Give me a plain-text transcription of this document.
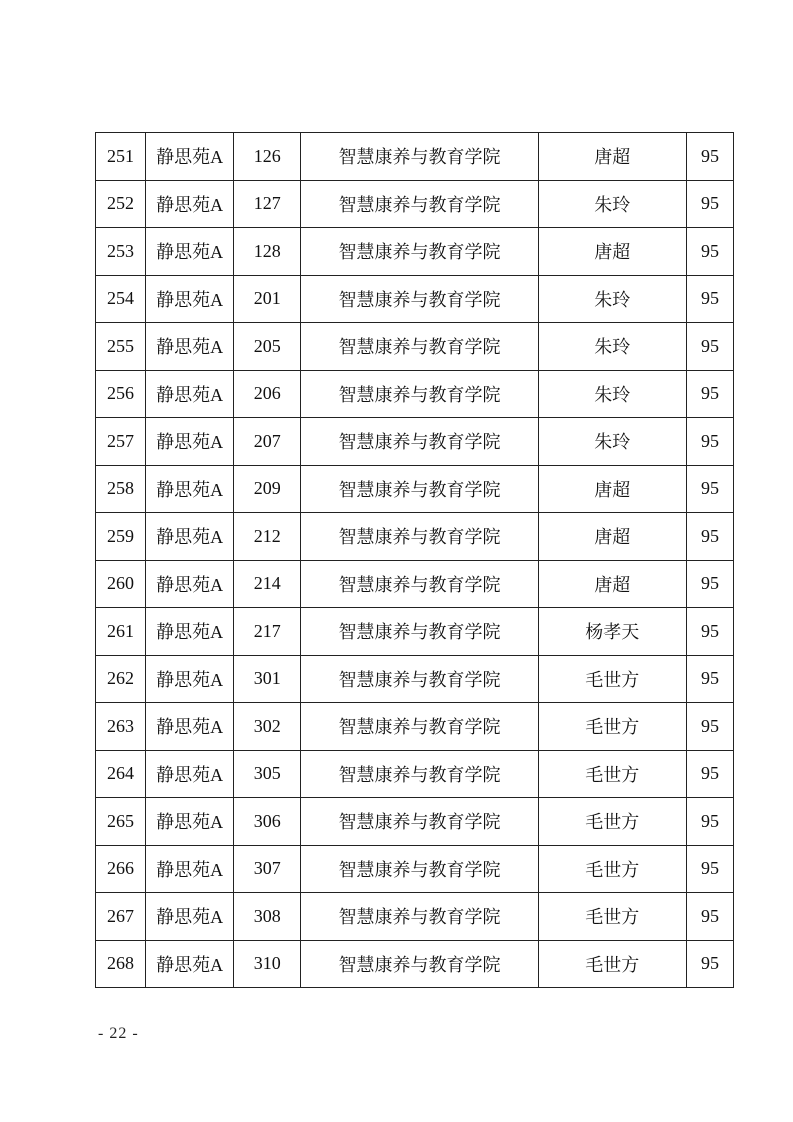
251	静思苑A	126	智慧康养与教育学院	唐超	95
252	静思苑A	127	智慧康养与教育学院	朱玲	95
253	静思苑A	128	智慧康养与教育学院	唐超	95
254	静思苑A	201	智慧康养与教育学院	朱玲	95
255	静思苑A	205	智慧康养与教育学院	朱玲	95
256	静思苑A	206	智慧康养与教育学院	朱玲	95
257	静思苑A	207	智慧康养与教育学院	朱玲	95
258	静思苑A	209	智慧康养与教育学院	唐超	95
259	静思苑A	212	智慧康养与教育学院	唐超	95
260	静思苑A	214	智慧康养与教育学院	唐超	95
261	静思苑A	217	智慧康养与教育学院	杨孝天	95
262	静思苑A	301	智慧康养与教育学院	毛世方	95
263	静思苑A	302	智慧康养与教育学院	毛世方	95
264	静思苑A	305	智慧康养与教育学院	毛世方	95
265	静思苑A	306	智慧康养与教育学院	毛世方	95
266	静思苑A	307	智慧康养与教育学院	毛世方	95
267	静思苑A	308	智慧康养与教育学院	毛世方	95
268	静思苑A	310	智慧康养与教育学院	毛世方	95
- 22 -
